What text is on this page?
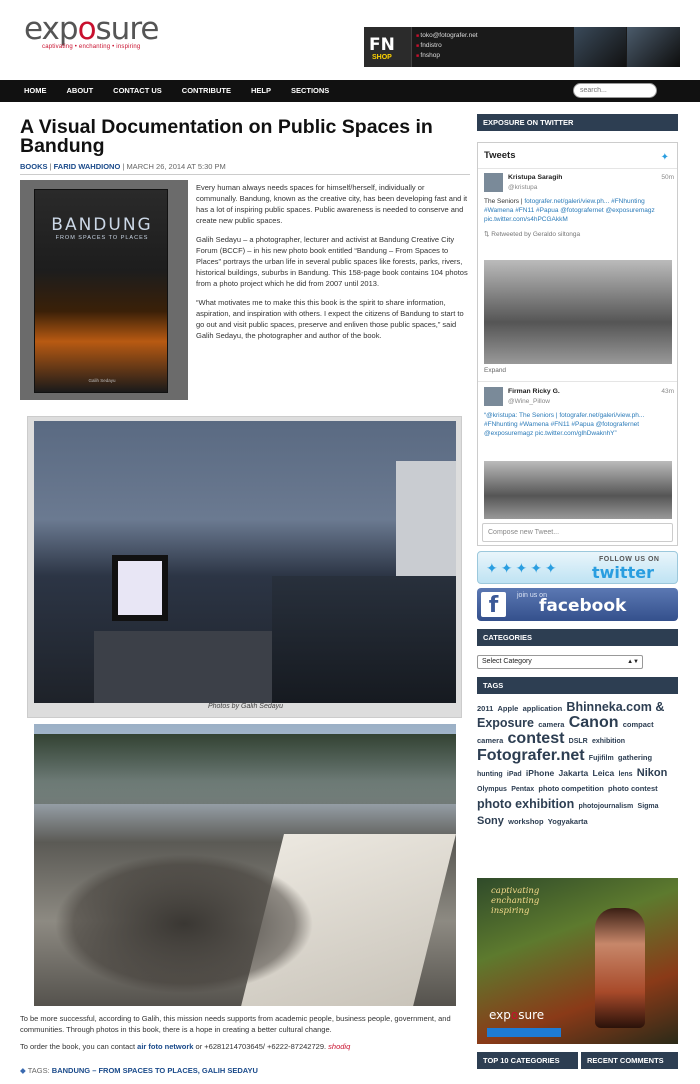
exposure
captivating • enchanting • inspiring	FN
SHOP
■ toko@fotografer.net
■ fndistro
■ fnshop
HOME	ABOUT	CONTACT US	CONTRIBUTE	HELP	SECTIONS
search...
A Visual Documentation on Public Spaces in Bandung
BOOKS | FARID WAHDIONO | MARCH 26, 2014 AT 5:30 PM
BANDUNG
FROM SPACES TO PLACES
Galih Sedayu

Every human always needs spaces for himself/herself, individually or communally. Bandung, known as the creative city, has been developing fast and it has a lot of inspiring public spaces. Public awareness is needed to conserve and create new public spaces.

Galih Sedayu – a photographer, lecturer and activist at Bandung Creative City Forum (BCCF) – in his new photo book entitled “Bandung – From Spaces to Places” portrays the urban life in several public spaces like forests, parks, rivers, historical buildings, suburbs in Bandung. This 158-page book contains 104 photos from a photo project which he did from 2007 until 2013.

“What motivates me to make this this book is the spirit to share information, aspiration, and inspiration with others. I expect the citizens of Bandung to start to go out and visit public spaces, preserve and enliven those public spaces,” said Galih Sedayu, the photographer and author of the book.

Photos by Galih Sedayu

To be more successful, according to Galih, this mission needs supports from academic people, business people, government, and communities. Through photos in this book, there is a hope in creating a better cultural change.

To order the book, you can contact air foto network or +6281214703645/ +6222-87242729. shodiq

◆ TAGS: BANDUNG – FROM SPACES TO PLACES, GALIH SEDAYU
EXPOSURE ON TWITTER
Tweets	✦
Kristupa Saragih
@kristupa
50m
The Seniors | fotografer.net/galeri/view.ph... #FNhunting #Wamena #FN11 #Papua @fotografernet @exposuremagz pic.twitter.com/s4hPCGAkkM
⇅ Retweeted by Geraldo siltonga
Expand
Firman Ricky G.
@Wine_Pillow
43m
“@kristupa: The Seniors | fotografer.net/galeri/view.ph... #FNhunting #Wamena #FN11 #Papua @fotografernet @exposuremagz pic.twitter.com/glhDwaknhY”
Compose new Tweet...
✦✦✦✦✦
FOLLOW US ON
twitter
f	join us on
facebook
CATEGORIES
Select Category	▲▼
TAGS
2011 Apple application Bhinneka.com & Exposure camera Canon compact camera contest DSLR exhibition Fotografer.net Fujifilm gathering hunting iPad iPhone Jakarta Leica lens Nikon Olympus Pentax photo competition photo contest photo exhibition photojournalism Sigma Sony workshop Yogyakarta
captivating
enchanting
inspiring
exposure
TOP 10 CATEGORIES	RECENT COMMENTS
